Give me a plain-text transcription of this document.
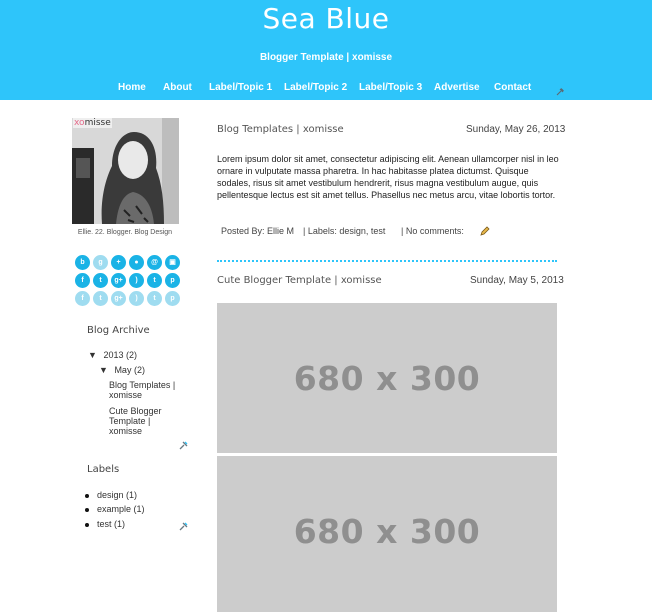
Sea Blue
Blogger Template | xomisse
Home About Label/Topic 1 Label/Topic 2 Label/Topic 3 Advertise Contact
xomisse
Ellie. 22. Blogger. Blog Design
b	g	+	●	@	▣
f	t	g+	)	t	p
f	t	g+	)	t	p
Blog Archive
▼ 2013 (2)
▼ May (2)
Blog Templates | xomisse
Cute Blogger Template | xomisse
Labels
design (1)
example (1)
test (1)
Blog Templates | xomisse	Sunday, May 26, 2013
Lorem ipsum dolor sit amet, consectetur adipiscing elit. Aenean ullamcorper nisl in leo ornare in vulputate massa pharetra. In hac habitasse platea dictumst. Quisque sodales, risus sit amet vestibulum hendrerit, risus magna vestibulum augue, quis pellentesque lectus est sit amet tellus. Phasellus nec metus arcu, vitae lobortis tortor.
Posted By: Ellie M | Labels: design, test | No comments:
Cute Blogger Template | xomisse	Sunday, May 5, 2013
680 x 300
680 x 300
